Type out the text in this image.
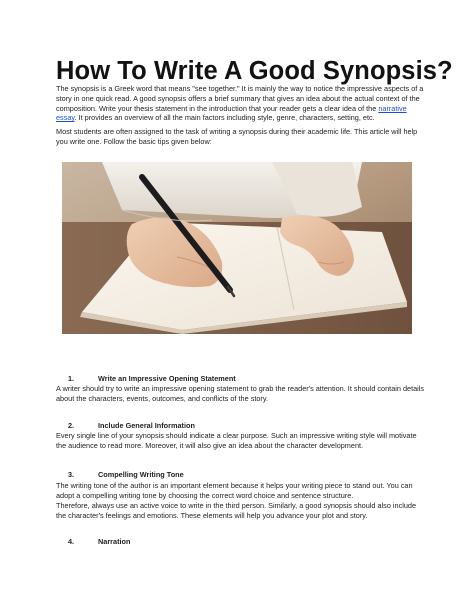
How To Write A Good Synopsis?
The synopsis is a Greek word that means "see together." It is mainly the way to notice the impressive aspects of a story in one quick read. A good synopsis offers a brief summary that gives an idea about the actual context of the composition. Write your thesis statement in the introduction that your reader gets a clear idea of the narrative essay. It provides an overview of all the main factors including style, genre, characters, setting, etc.
Most students are often assigned to the task of writing a synopsis during their academic life. This article will help you write one. Follow the basic tips given below:
1.	Write an Impressive Opening Statement
A writer should try to write an impressive opening statement to grab the reader's attention. It should contain details about the characters, events, outcomes, and conflicts of the story.
2.	Include General Information
Every single line of your synopsis should indicate a clear purpose. Such an impressive writing style will motivate the audience to read more. Moreover, it will also give an idea about the character development.
3.	Compelling Writing Tone
The writing tone of the author is an important element because it helps your writing piece to stand out. You can adopt a compelling writing tone by choosing the correct word choice and sentence structure.
Therefore, always use an active voice to write in the third person. Similarly, a good synopsis should also include the character's feelings and emotions. These elements will help you advance your plot and story.
4.	Narration
